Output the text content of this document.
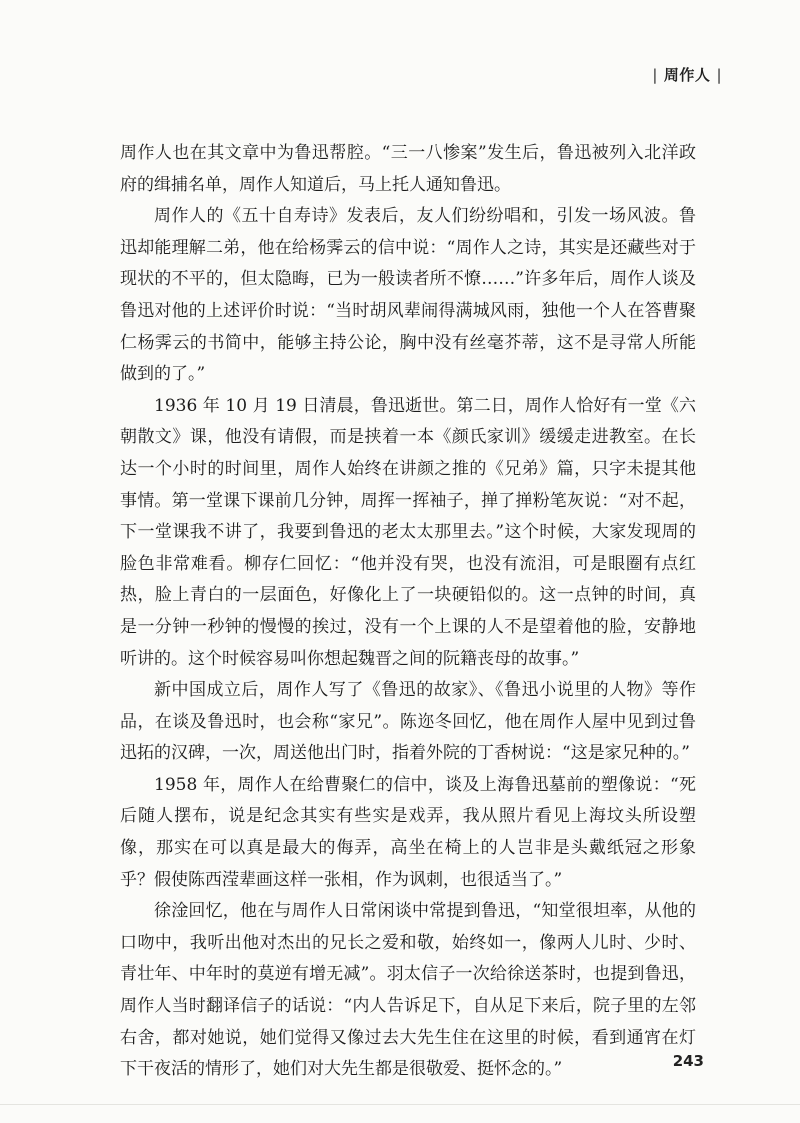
| 周作人 |

周作人也在其文章中为鲁迅帮腔。“三一八惨案”发生后，鲁迅被列入北洋政府的缉捕名单，周作人知道后，马上托人通知鲁迅。

周作人的《五十自寿诗》发表后，友人们纷纷唱和，引发一场风波。鲁迅却能理解二弟，他在给杨霁云的信中说：“周作人之诗，其实是还藏些对于现状的不平的，但太隐晦，已为一般读者所不憭……”许多年后，周作人谈及鲁迅对他的上述评价时说：“当时胡风辈闹得满城风雨，独他一个人在答曹聚仁杨霁云的书简中，能够主持公论，胸中没有丝毫芥蒂，这不是寻常人所能做到的了。”

1936 年 10 月 19 日清晨，鲁迅逝世。第二日，周作人恰好有一堂《六朝散文》课，他没有请假，而是挟着一本《颜氏家训》缓缓走进教室。在长达一个小时的时间里，周作人始终在讲颜之推的《兄弟》篇，只字未提其他事情。第一堂课下课前几分钟，周挥一挥袖子，掸了掸粉笔灰说：“对不起，下一堂课我不讲了，我要到鲁迅的老太太那里去。”这个时候，大家发现周的脸色非常难看。柳存仁回忆：“他并没有哭，也没有流泪，可是眼圈有点红热，脸上青白的一层面色，好像化上了一块硬铅似的。这一点钟的时间，真是一分钟一秒钟的慢慢的挨过，没有一个上课的人不是望着他的脸，安静地听讲的。这个时候容易叫你想起魏晋之间的阮籍丧母的故事。”

新中国成立后，周作人写了《鲁迅的故家》、《鲁迅小说里的人物》等作品，在谈及鲁迅时，也会称“家兄”。陈迩冬回忆，他在周作人屋中见到过鲁迅拓的汉碑，一次，周送他出门时，指着外院的丁香树说：“这是家兄种的。”

1958 年，周作人在给曹聚仁的信中，谈及上海鲁迅墓前的塑像说：“死后随人摆布，说是纪念其实有些实是戏弄，我从照片看见上海坟头所设塑像，那实在可以真是最大的侮弄，高坐在椅上的人岂非是头戴纸冠之形象乎？假使陈西滢辈画这样一张相，作为讽刺，也很适当了。”

徐淦回忆，他在与周作人日常闲谈中常提到鲁迅，“知堂很坦率，从他的口吻中，我听出他对杰出的兄长之爱和敬，始终如一，像两人儿时、少时、青壮年、中年时的莫逆有增无减”。羽太信子一次给徐送茶时，也提到鲁迅，周作人当时翻译信子的话说：“内人告诉足下，自从足下来后，院子里的左邻右舍，都对她说，她们觉得又像过去大先生住在这里的时候，看到通宵在灯下干夜活的情形了，她们对大先生都是很敬爱、挺怀念的。”	243
